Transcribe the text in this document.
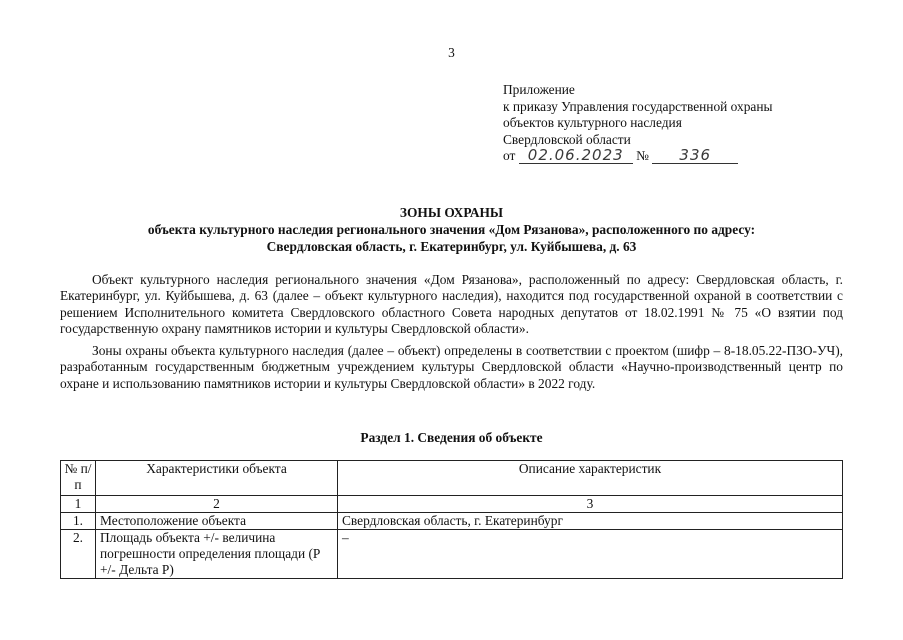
3
Приложение
к приказу Управления государственной охраны
объектов культурного наследия
Свердловской области
от 02.06.2023 № 336
ЗОНЫ ОХРАНЫ
объекта культурного наследия регионального значения «Дом Рязанова», расположенного по адресу:
Свердловская область, г. Екатеринбург, ул. Куйбышева, д. 63
Объект культурного наследия регионального значения «Дом Рязанова», расположенный по адресу: Свердловская область, г. Екатеринбург, ул. Куйбышева, д. 63 (далее – объект культурного наследия), находится под государственной охраной в соответствии с решением Исполнительного комитета Свердловского областного Совета народных депутатов от 18.02.1991 № 75 «О взятии под государственную охрану памятников истории и культуры Свердловской области».
Зоны охраны объекта культурного наследия (далее – объект) определены в соответствии с проектом (шифр – 8-18.05.22-ПЗО-УЧ), разработанным государственным бюджетным учреждением культуры Свердловской области «Научно-производственный центр по охране и использованию памятников истории и культуры Свердловской области» в 2022 году.
Раздел 1. Сведения об объекте
№ п/п	Характеристики объекта	Описание характеристик
1	2	3
1.	Местоположение объекта	Свердловская область, г. Екатеринбург
2.	Площадь объекта +/- величина погрешности определения площади (P +/- Дельта P)	–
